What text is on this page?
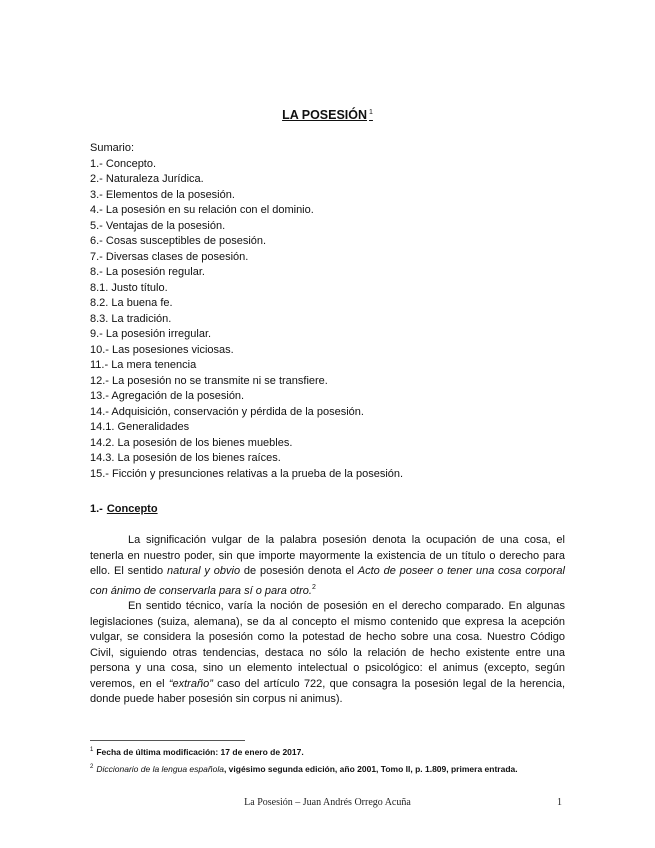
LA POSESIÓN $^1$
Sumario:
1.- Concepto.
2.- Naturaleza Jurídica.
3.- Elementos de la posesión.
4.- La posesión en su relación con el dominio.
5.- Ventajas de la posesión.
6.- Cosas susceptibles de posesión.
7.- Diversas clases de posesión.
8.- La posesión regular.
8.1. Justo título.
8.2. La buena fe.
8.3. La tradición.
9.- La posesión irregular.
10.- Las posesiones viciosas.
11.- La mera tenencia
12.- La posesión no se transmite ni se transfiere.
13.- Agregación de la posesión.
14.- Adquisición, conservación y pérdida de la posesión.
14.1. Generalidades
14.2. La posesión de los bienes muebles.
14.3. La posesión de los bienes raíces.
15.- Ficción y presunciones relativas a la prueba de la posesión.
1.- Concepto

La significación vulgar de la palabra posesión denota la ocupación de una cosa, el tenerla en nuestro poder, sin que importe mayormente la existencia de un título o derecho para ello. El sentido natural y obvio de posesión denota el Acto de poseer o tener una cosa corporal con ánimo de conservarla para sí o para otro.$^2$

En sentido técnico, varía la noción de posesión en el derecho comparado. En algunas legislaciones (suiza, alemana), se da al concepto el mismo contenido que expresa la acepción vulgar, se considera la posesión como la potestad de hecho sobre una cosa. Nuestro Código Civil, siguiendo otras tendencias, destaca no sólo la relación de hecho existente entre una persona y una cosa, sino un elemento intelectual o psicológico: el animus (excepto, según veremos, en el “extraño” caso del artículo 722, que consagra la posesión legal de la herencia, donde puede haber posesión sin corpus ni animus).

$^1$ Fecha de última modificación: 17 de enero de 2017.
$^2$ Diccionario de la lengua española, vigésimo segunda edición, año 2001, Tomo II, p. 1.809, primera entrada.
La Posesión – Juan Andrés Orrego Acuña	1
